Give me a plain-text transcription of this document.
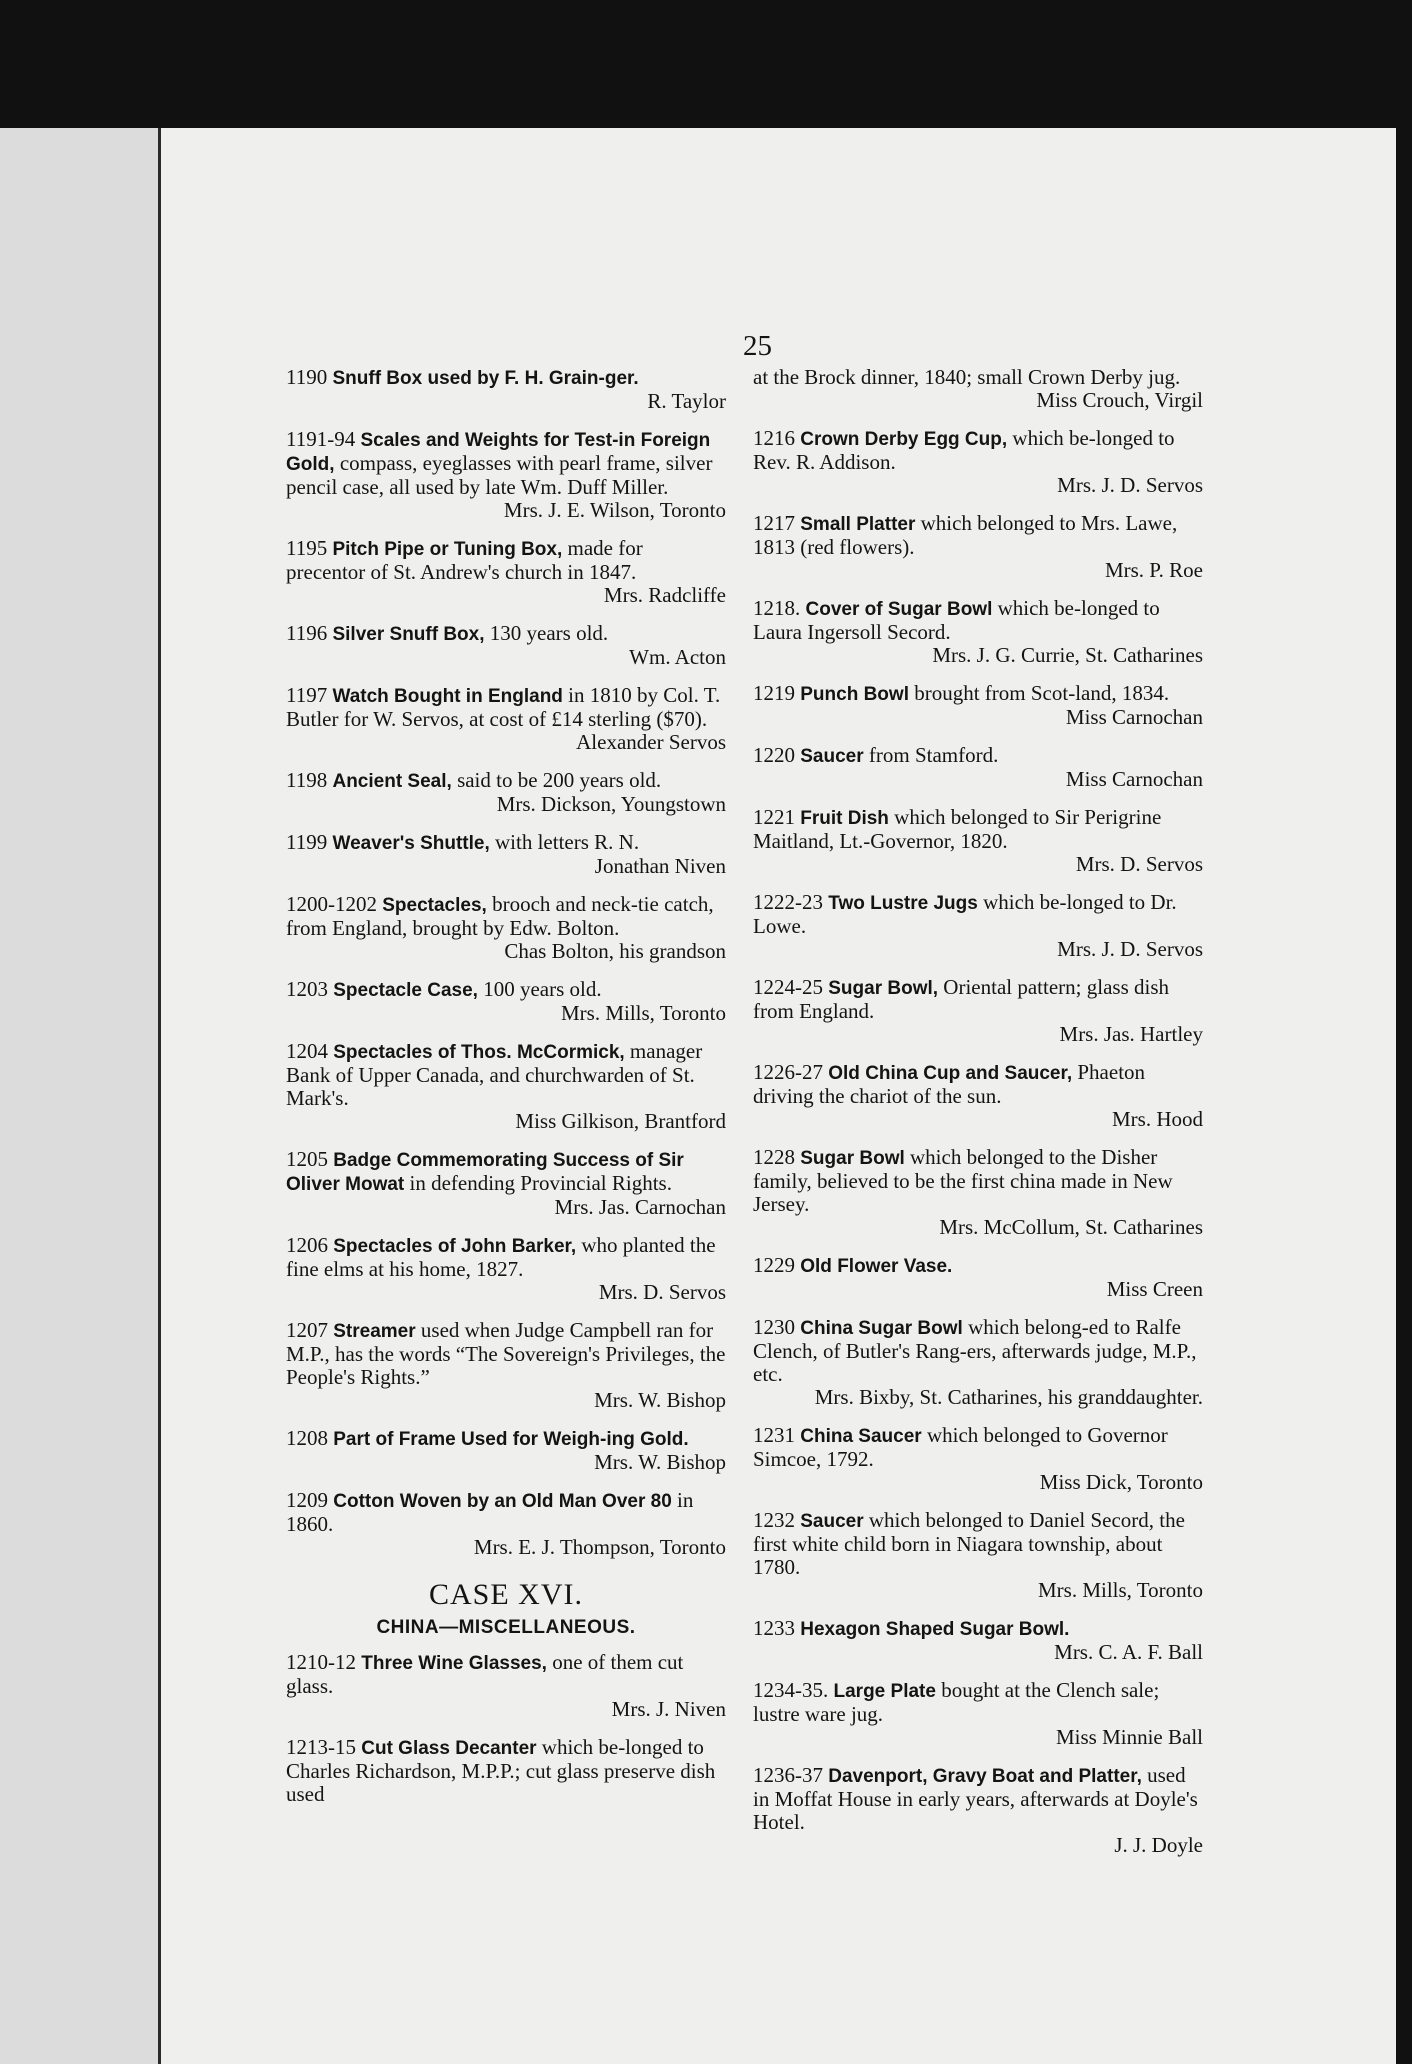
25
1190 Snuff Box used by F. H. Grain-ger.
R. Taylor
1191-94 Scales and Weights for Test-in Foreign Gold, compass, eyeglasses with pearl frame, silver pencil case, all used by late Wm. Duff Miller.
Mrs. J. E. Wilson, Toronto
1195 Pitch Pipe or Tuning Box, made for precentor of St. Andrew's church in 1847.
Mrs. Radcliffe
1196 Silver Snuff Box, 130 years old.
Wm. Acton
1197 Watch Bought in England in 1810 by Col. T. Butler for W. Servos, at cost of £14 sterling ($70).
Alexander Servos
1198 Ancient Seal, said to be 200 years old.
Mrs. Dickson, Youngstown
1199 Weaver's Shuttle, with letters R. N.
Jonathan Niven
1200-1202 Spectacles, brooch and neck-tie catch, from England, brought by Edw. Bolton.
Chas Bolton, his grandson
1203 Spectacle Case, 100 years old.
Mrs. Mills, Toronto
1204 Spectacles of Thos. McCormick, manager Bank of Upper Canada, and churchwarden of St. Mark's.
Miss Gilkison, Brantford
1205 Badge Commemorating Success of Sir Oliver Mowat in defending Provincial Rights.
Mrs. Jas. Carnochan
1206 Spectacles of John Barker, who planted the fine elms at his home, 1827.
Mrs. D. Servos
1207 Streamer used when Judge Campbell ran for M.P., has the words “The Sovereign's Privileges, the People's Rights.”
Mrs. W. Bishop
1208 Part of Frame Used for Weigh-ing Gold.
Mrs. W. Bishop
1209 Cotton Woven by an Old Man Over 80 in 1860.
Mrs. E. J. Thompson, Toronto
CASE XVI.
CHINA—MISCELLANEOUS.
1210-12 Three Wine Glasses, one of them cut glass.
Mrs. J. Niven
1213-15 Cut Glass Decanter which be-longed to Charles Richardson, M.P.P.; cut glass preserve dish used
at the Brock dinner, 1840; small Crown Derby jug.
Miss Crouch, Virgil
1216 Crown Derby Egg Cup, which be-longed to Rev. R. Addison.
Mrs. J. D. Servos
1217 Small Platter which belonged to Mrs. Lawe, 1813 (red flowers).
Mrs. P. Roe
1218. Cover of Sugar Bowl which be-longed to Laura Ingersoll Secord.
Mrs. J. G. Currie, St. Catharines
1219 Punch Bowl brought from Scot-land, 1834.
Miss Carnochan
1220 Saucer from Stamford.
Miss Carnochan
1221 Fruit Dish which belonged to Sir Perigrine Maitland, Lt.-Governor, 1820.
Mrs. D. Servos
1222-23 Two Lustre Jugs which be-longed to Dr. Lowe.
Mrs. J. D. Servos
1224-25 Sugar Bowl, Oriental pattern; glass dish from England.
Mrs. Jas. Hartley
1226-27 Old China Cup and Saucer, Phaeton driving the chariot of the sun.
Mrs. Hood
1228 Sugar Bowl which belonged to the Disher family, believed to be the first china made in New Jersey.
Mrs. McCollum, St. Catharines
1229 Old Flower Vase.
Miss Creen
1230 China Sugar Bowl which belong-ed to Ralfe Clench, of Butler's Rang-ers, afterwards judge, M.P., etc.
Mrs. Bixby, St. Catharines, his granddaughter.
1231 China Saucer which belonged to Governor Simcoe, 1792.
Miss Dick, Toronto
1232 Saucer which belonged to Daniel Secord, the first white child born in Niagara township, about 1780.
Mrs. Mills, Toronto
1233 Hexagon Shaped Sugar Bowl.
Mrs. C. A. F. Ball
1234-35. Large Plate bought at the Clench sale; lustre ware jug.
Miss Minnie Ball
1236-37 Davenport, Gravy Boat and Platter, used in Moffat House in early years, afterwards at Doyle's Hotel.
J. J. Doyle
